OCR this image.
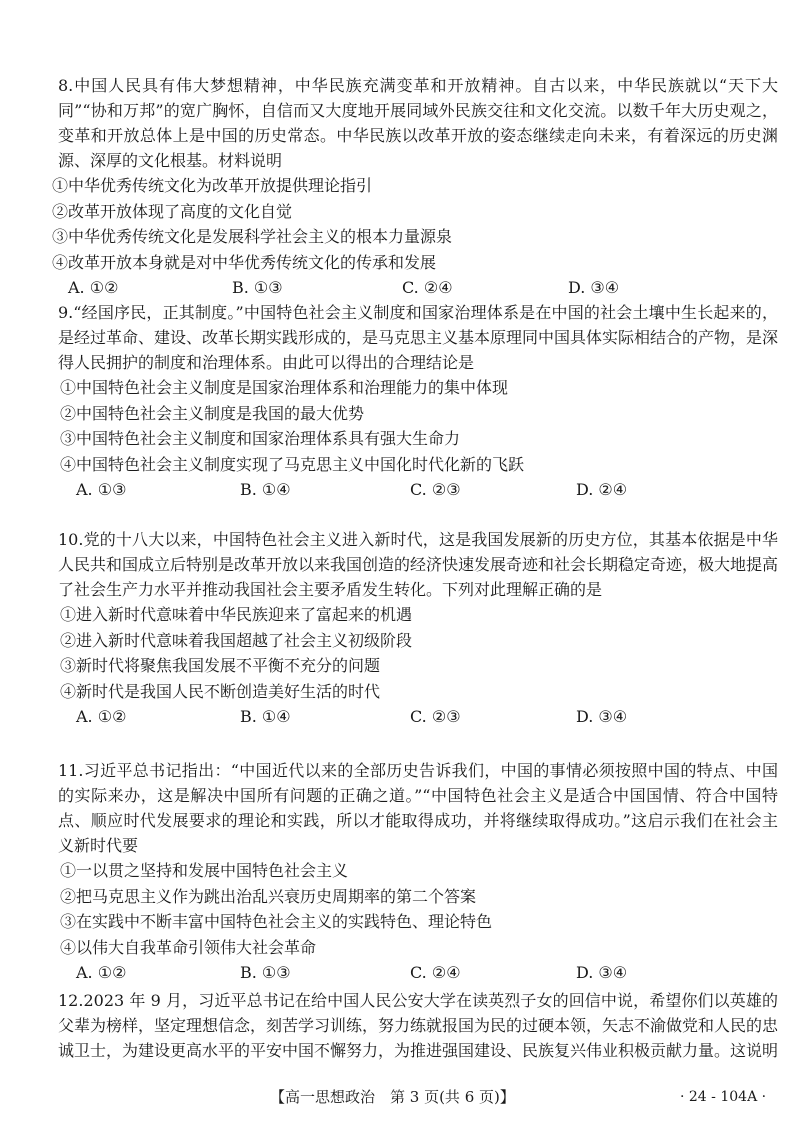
8.中国人民具有伟大梦想精神，中华民族充满变革和开放精神。自古以来，中华民族就以“天下大同”“协和万邦”的宽广胸怀，自信而又大度地开展同域外民族交往和文化交流。以数千年大历史观之，变革和开放总体上是中国的历史常态。中华民族以改革开放的姿态继续走向未来，有着深远的历史渊源、深厚的文化根基。材料说明

①中华优秀传统文化为改革开放提供理论指引

②改革开放体现了高度的文化自觉

③中华优秀传统文化是发展科学社会主义的根本力量源泉

④改革开放本身就是对中华优秀传统文化的传承和发展

A. ①②	B. ①③	C. ②④	D. ③④

9.“经国序民，正其制度。”中国特色社会主义制度和国家治理体系是在中国的社会土壤中生长起来的，是经过革命、建设、改革长期实践形成的，是马克思主义基本原理同中国具体实际相结合的产物，是深得人民拥护的制度和治理体系。由此可以得出的合理结论是

①中国特色社会主义制度是国家治理体系和治理能力的集中体现

②中国特色社会主义制度是我国的最大优势

③中国特色社会主义制度和国家治理体系具有强大生命力

④中国特色社会主义制度实现了马克思主义中国化时代化新的飞跃

A. ①③	B. ①④	C. ②③	D. ②④

10.党的十八大以来，中国特色社会主义进入新时代，这是我国发展新的历史方位，其基本依据是中华人民共和国成立后特别是改革开放以来我国创造的经济快速发展奇迹和社会长期稳定奇迹，极大地提高了社会生产力水平并推动我国社会主要矛盾发生转化。下列对此理解正确的是

①进入新时代意味着中华民族迎来了富起来的机遇

②进入新时代意味着我国超越了社会主义初级阶段

③新时代将聚焦我国发展不平衡不充分的问题

④新时代是我国人民不断创造美好生活的时代

A. ①②	B. ①④	C. ②③	D. ③④

11.习近平总书记指出：“中国近代以来的全部历史告诉我们，中国的事情必须按照中国的特点、中国的实际来办，这是解决中国所有问题的正确之道。”“中国特色社会主义是适合中国国情、符合中国特点、顺应时代发展要求的理论和实践，所以才能取得成功，并将继续取得成功。”这启示我们在社会主义新时代要

①一以贯之坚持和发展中国特色社会主义

②把马克思主义作为跳出治乱兴衰历史周期率的第二个答案

③在实践中不断丰富中国特色社会主义的实践特色、理论特色

④以伟大自我革命引领伟大社会革命

A. ①②	B. ①③	C. ②④	D. ③④

12.2023 年 9 月，习近平总书记在给中国人民公安大学在读英烈子女的回信中说，希望你们以英雄的父辈为榜样，坚定理想信念，刻苦学习训练，努力练就报国为民的过硬本领，矢志不渝做党和人民的忠诚卫士，为建设更高水平的平安中国不懈努力，为推进强国建设、民族复兴伟业积极贡献力量。这说明

【高一思想政治　第 3 页(共 6 页)】	· 24 - 104A ·
